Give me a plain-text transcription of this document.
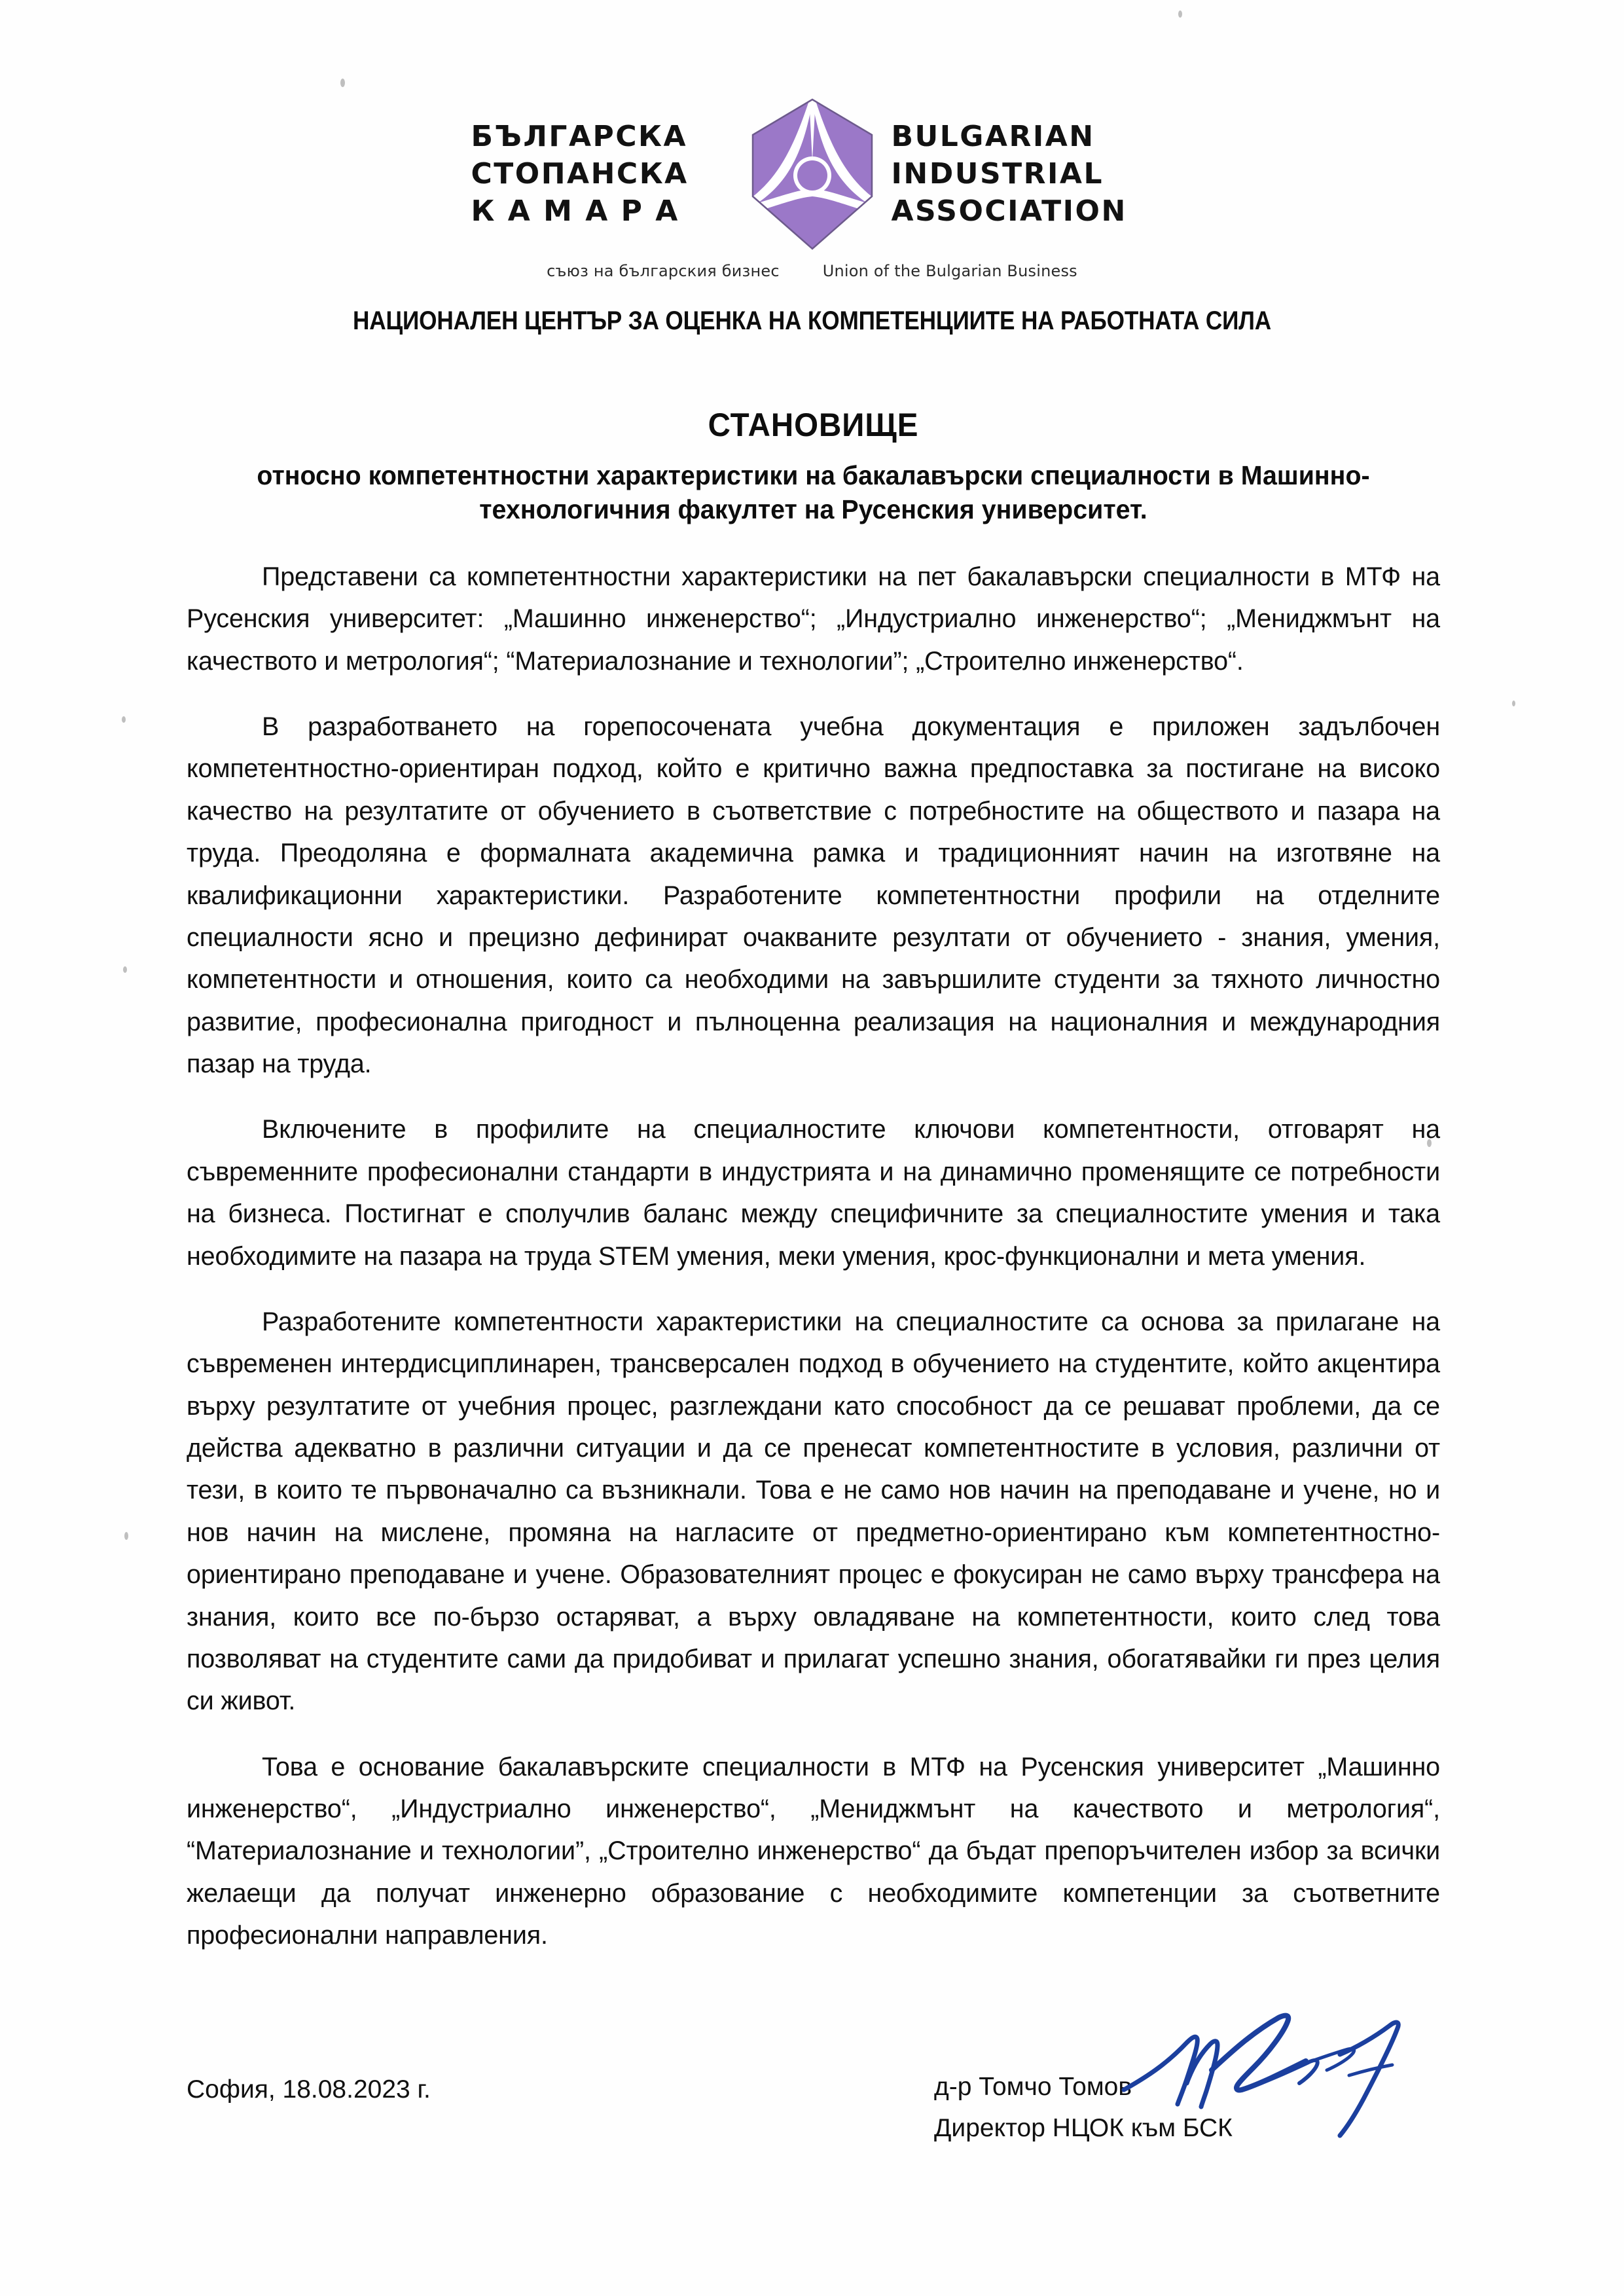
БЪЛГАРСКА
СТОПАНСКА
К А М А Р А
BULGARIAN
INDUSTRIAL
ASSOCIATION
съюз на българския бизнес	Union of the Bulgarian Business
НАЦИОНАЛЕН ЦЕНТЪР ЗА ОЦЕНКА НА КОМПЕТЕНЦИИТЕ НА РАБОТНАТА СИЛА
СТАНОВИЩЕ
относно компетентностни характеристики на бакалавърски специалности в Машинно-технологичния факултет на Русенския университет.

Представени са компетентностни характеристики на пет бакалавърски специалности в МТФ на Русенския университет: „Машинно инженерство“; „Индустриално инженерство“; „Мениджмънт на качеството и метрология“; “Материалознание и технологии”; „Строително инженерство“.

В разработването на горепосочената учебна документация е приложен задълбочен компетентностно-ориентиран подход, който е критично важна предпоставка за постигане на високо качество на резултатите от обучението в съответствие с потребностите на обществото и пазара на труда. Преодоляна е формалната академична рамка и традиционният начин на изготвяне на квалификационни характеристики. Разработените компетентностни профили на отделните специалности ясно и прецизно дефинират очакваните резултати от обучението - знания, умения, компетентности и отношения, които са необходими на завършилите студенти за тяхното личностно развитие, професионална пригодност и пълноценна реализация на националния и международния пазар на труда.

Включените в профилите на специалностите ключови компетентности, отговарят на съвременните професионални стандарти в индустрията и на динамично променящите се потребности на бизнеса. Постигнат е сполучлив баланс между специфичните за специалностите умения и така необходимите на пазара на труда STEM умения, меки умения, крос-функционални и мета умения.

Разработените компетентности характеристики на специалностите са основа за прилагане на съвременен интердисциплинарен, трансверсален подход в обучението на студентите, който акцентира върху резултатите от учебния процес, разглеждани като способност да се решават проблеми, да се действа адекватно в различни ситуации и да се пренесат компетентностите в условия, различни от тези, в които те първоначално са възникнали. Това е не само нов начин на преподаване и учене, но и нов начин на мислене, промяна на нагласите от предметно-ориентирано към компетентностно-ориентирано преподаване и учене. Образователният процес е фокусиран не само върху трансфера на знания, които все по-бързо остаряват, а върху овладяване на компетентности, които след това позволяват на студентите сами да придобиват и прилагат успешно знания, обогатявайки ги през целия си живот.

Това е основание бакалавърските специалности в МТФ на Русенския университет „Машинно инженерство“, „Индустриално инженерство“, „Мениджмънт на качеството и метрология“, “Материалознание и технологии”, „Строително инженерство“ да бъдат препоръчителен избор за всички желаещи да получат инженерно образование с необходимите компетенции за съответните професионални направления.

София, 18.08.2023 г.	д-р Томчо Томов
Директор НЦОК към БСК
